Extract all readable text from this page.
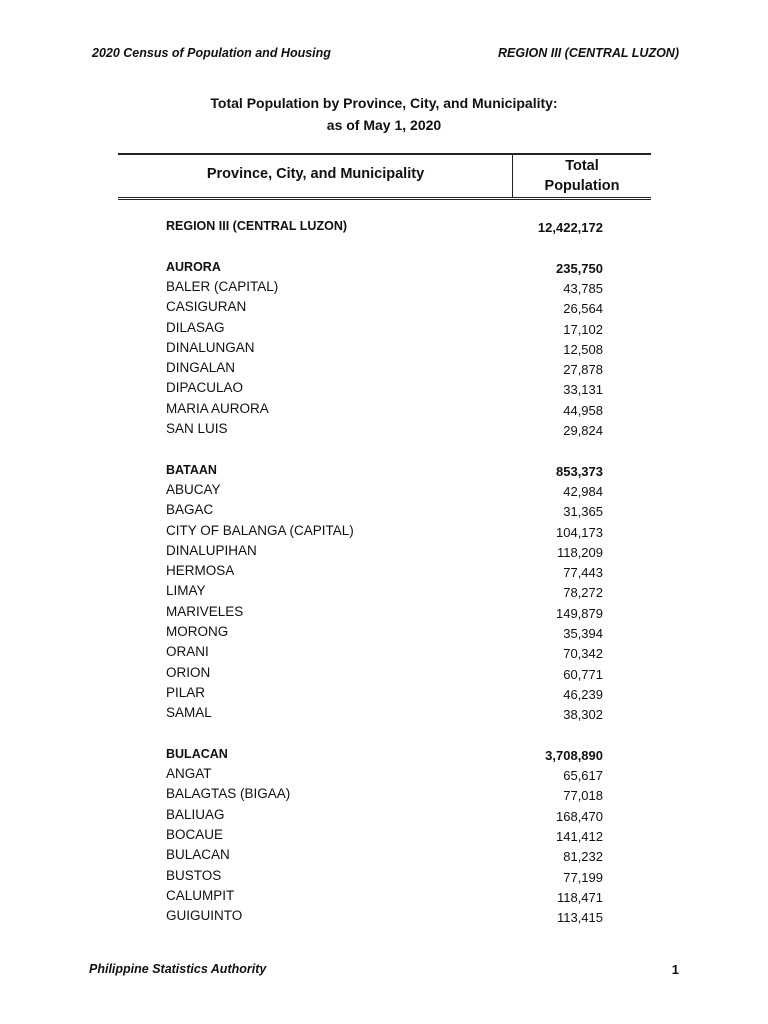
2020 Census of Population and Housing	REGION III (CENTRAL LUZON)
Total Population by Province, City, and Municipality:
as of May 1, 2020
Province, City, and Municipality	Total
Population
REGION III (CENTRAL LUZON)	12,422,172
AURORA	235,750
BALER (CAPITAL)	43,785
CASIGURAN	26,564
DILASAG	17,102
DINALUNGAN	12,508
DINGALAN	27,878
DIPACULAO	33,131
MARIA AURORA	44,958
SAN LUIS	29,824
BATAAN	853,373
ABUCAY	42,984
BAGAC	31,365
CITY OF BALANGA (CAPITAL)	104,173
DINALUPIHAN	118,209
HERMOSA	77,443
LIMAY	78,272
MARIVELES	149,879
MORONG	35,394
ORANI	70,342
ORION	60,771
PILAR	46,239
SAMAL	38,302
BULACAN	3,708,890
ANGAT	65,617
BALAGTAS (BIGAA)	77,018
BALIUAG	168,470
BOCAUE	141,412
BULACAN	81,232
BUSTOS	77,199
CALUMPIT	118,471
GUIGUINTO	113,415
Philippine Statistics Authority	1
